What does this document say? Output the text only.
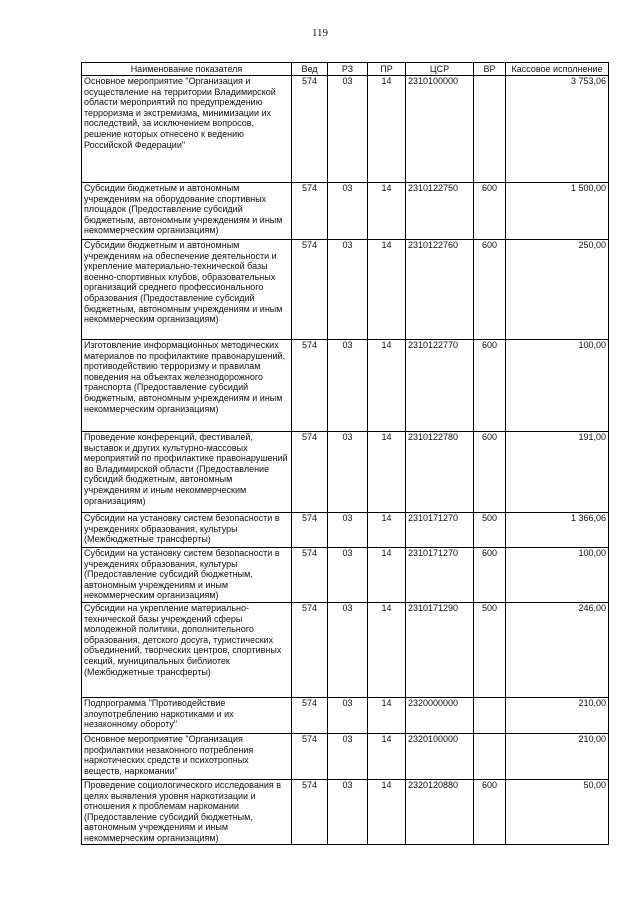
119
Наименование показателя	Вед	РЗ	ПР	ЦСР	ВР	Кассовое исполнение
Основное мероприятие "Организация и осуществление на территории Владимирской области мероприятий по предупреждению терроризма и экстремизма, минимизации их последствий, за исключением вопросов, решение которых отнесено к ведению Российской Федерации"	574	03	14	2310100000		3 753,06
Субсидии бюджетным и автономным учреждениям на оборудование спортивных площадок (Предоставление субсидий бюджетным, автономным учреждениям и иным некоммерческим организациям)	574	03	14	2310122750	600	1 500,00
Субсидии бюджетным и автономным учреждениям на обеспечение деятельности и укрепление материально-технической базы военно-спортивных клубов, образовательных организаций среднего профессионального образования (Предоставление субсидий бюджетным, автономным учреждениям и иным некоммерческим организациям)	574	03	14	2310122760	600	250,00
Изготовление информационных методических материалов по профилактике правонарушений, противодействию терроризму и правилам поведения на объектах железнодорожного транспорта (Предоставление субсидий бюджетным, автономным учреждениям и иным некоммерческим организациям)	574	03	14	2310122770	600	100,00
Проведение конференций, фестивалей, выставок и других культурно-массовых мероприятий по профилактике правонарушений во Владимирской области (Предоставление субсидий бюджетным, автономным учреждениям и иным некоммерческим организациям)	574	03	14	2310122780	600	191,00
Субсидии на установку систем безопасности в учреждениях образования, культуры (Межбюджетные трансферты)	574	03	14	2310171270	500	1 366,06
Субсидии на установку систем безопасности в учреждениях образования, культуры (Предоставление субсидий бюджетным, автономным учреждениям и иным некоммерческим организациям)	574	03	14	2310171270	600	100,00
Субсидии на укрепление материально-технической базы учреждений сферы молодежной политики, дополнительного образования, детского досуга, туристических объединений, творческих центров, спортивных секций, муниципальных библиотек (Межбюджетные трансферты)	574	03	14	2310171290	500	246,00
Подпрограмма "Противодействие злоупотреблению наркотиками и их незаконному обороту"	574	03	14	2320000000		210,00
Основное мероприятие "Организация профилактики незаконного потребления наркотических средств и психотропных веществ, наркомании"	574	03	14	2320100000		210,00
Проведение социологического исследования в целях выявления уровня наркотизации и отношения к проблемам наркомании (Предоставление субсидий бюджетным, автономным учреждениям и иным некоммерческим организациям)	574	03	14	2320120880	600	50,00
